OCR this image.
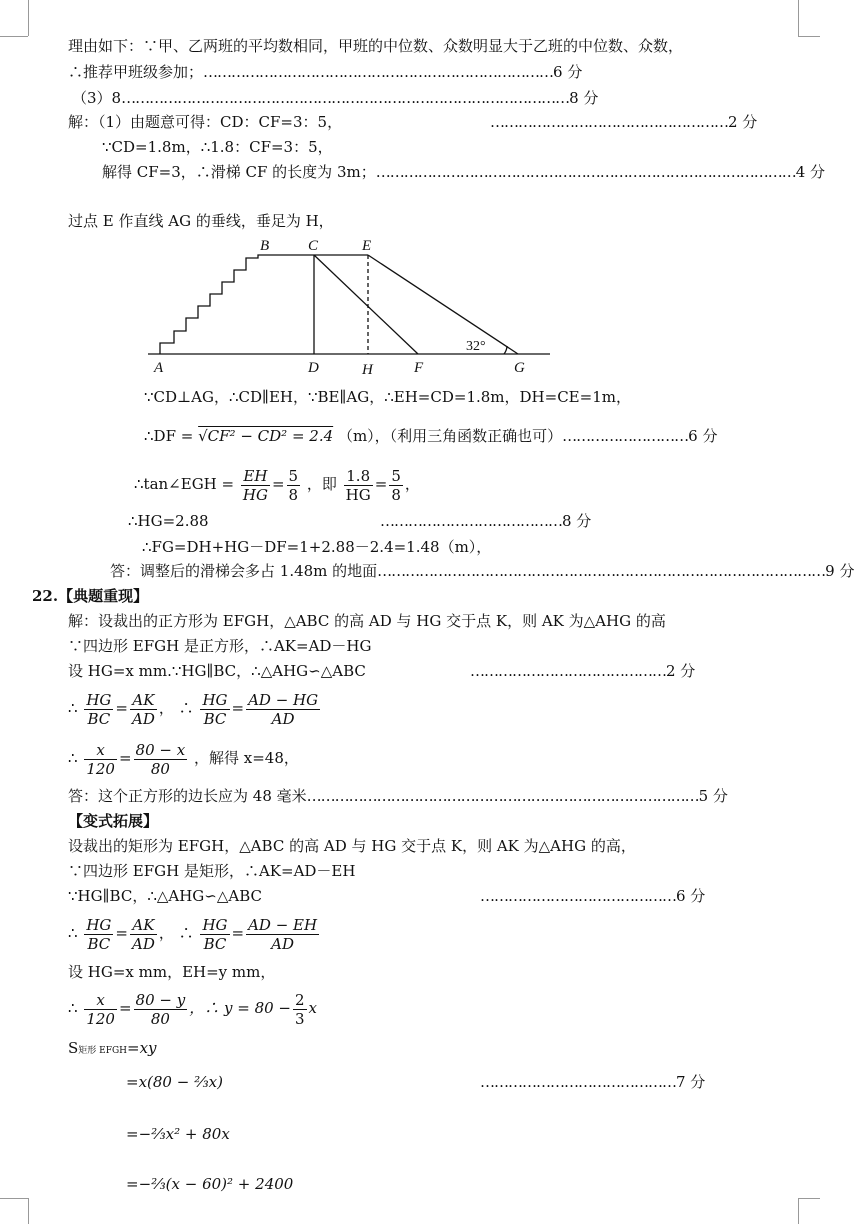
理由如下：∵甲、乙两班的平均数相同，甲班的中位数、众数明显大于乙班的中位数、众数，
∴推荐甲班级参加；…………………………………………………………………6 分
（3）8……………………………………………………………………………………8 分
解：（1）由题意可得：CD：CF=3：5，	……………………………………………2 分
∵CD=1.8m，∴1.8：CF=3：5，
解得 CF=3，∴滑梯 CF 的长度为 3m；………………………………………………………………………………4 分
过点 E 作直线 AG 的垂线，垂足为 H，
B	C	E
A	D	H	F	G
32°
∵CD⊥AG，∴CD∥EH，∵BE∥AG，∴EH=CD=1.8m，DH=CE=1m，
∴DF = √CF² − CD² = 2.4 （m），（利用三角函数正确也可）………………………6 分
∴tan∠EGH = $\frac{EH}{HG} = \frac{5}{8}$ ，即 $\frac{1.8}{HG} = \frac{5}{8}$ ，
∴HG=2.88	…………………………………8 分
∴FG=DH+HG－DF=1+2.88－2.4=1.48（m），
答：调整后的滑梯会多占 1.48m 的地面……………………………………………………………………………………9 分
22.【典题重现】
解：设裁出的正方形为 EFGH，△ABC 的高 AD 与 HG 交于点 K，则 AK 为△AHG 的高
∵四边形 EFGH 是正方形，∴AK=AD－HG
设 HG=x mm.∵HG∥BC，∴△AHG∽△ABC	……………………………………2 分
∴ $\frac{HG}{BC} = \frac{AK}{AD}$ ， ∴ $\frac{HG}{BC} = \frac{AD - HG}{AD}$
∴ $\frac{x}{120} = \frac{80 - x}{80}$ ，解得 x=48，
答：这个正方形的边长应为 48 毫米…………………………………………………………………………5 分
【变式拓展】
设裁出的矩形为 EFGH，△ABC 的高 AD 与 HG 交于点 K，则 AK 为△AHG 的高，
∵四边形 EFGH 是矩形，∴AK=AD－EH
∵HG∥BC，∴△AHG∽△ABC	……………………………………6 分
∴ $\frac{HG}{BC} = \frac{AK}{AD}$ ， ∴ $\frac{HG}{BC} = \frac{AD - EH}{AD}$
设 HG=x mm，EH=y mm，
∴ $\frac{x}{120} = \frac{80 - y}{80}$ ，∴ $y = 80 - \frac{2}{3}$ x
S矩形 EFGH=xy
=x(80 − ⅔x)	……………………………………7 分
=−⅔x² + 80x
=−⅔(x − 60)² + 2400
